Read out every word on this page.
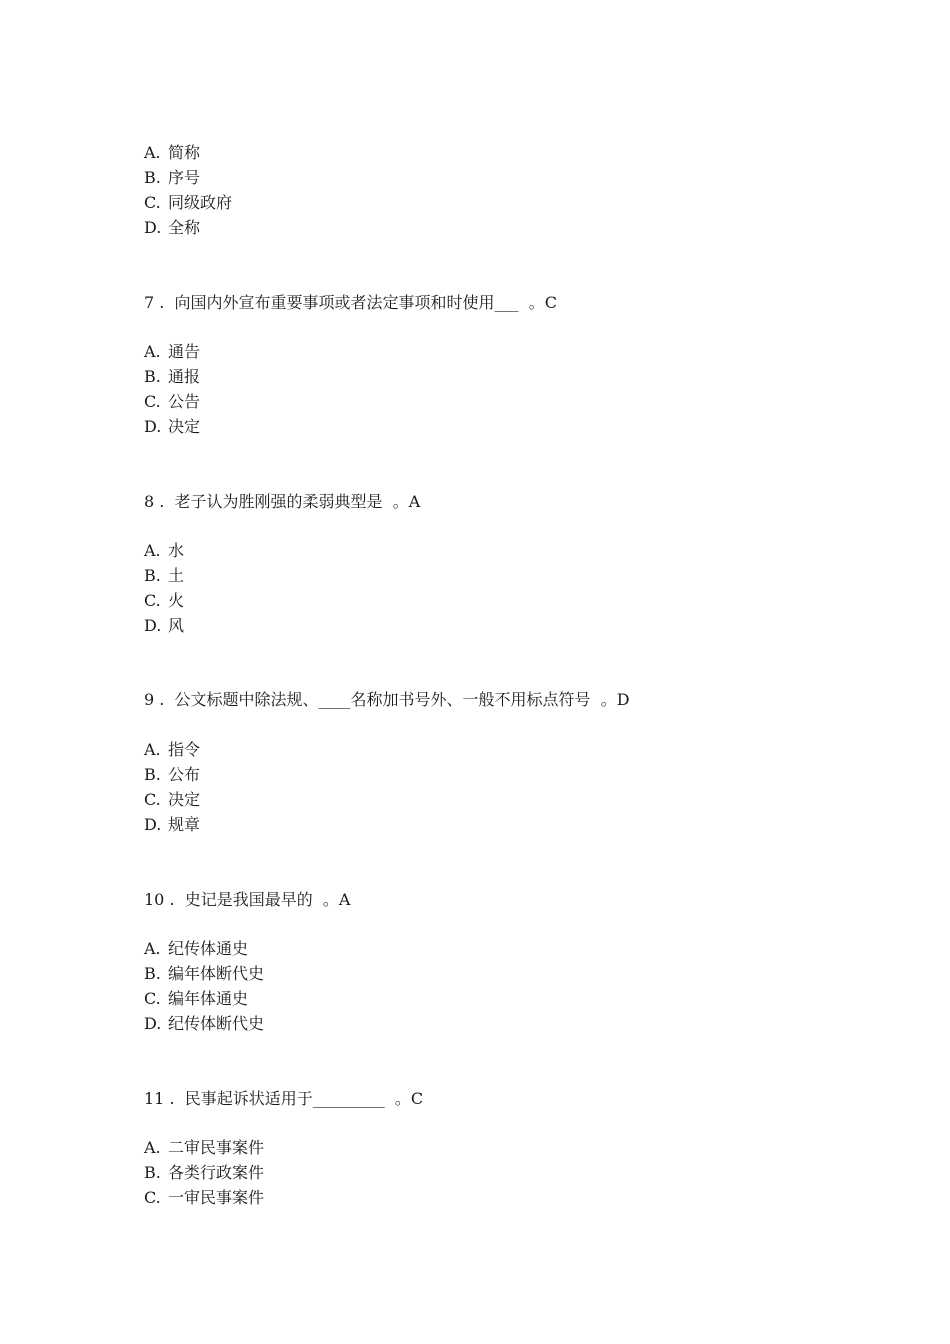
A. 简称
B. 序号
C. 同级政府
D. 全称
7 .  向国内外宣布重要事项或者法定事项和时使用___  。C
A. 通告
B. 通报
C. 公告
D. 决定
8 .  老子认为胜刚强的柔弱典型是  。A
A. 水
B. 土
C. 火
D. 风
9 .  公文标题中除法规、____名称加书号外、一般不用标点符号  。D
A. 指令
B. 公布
C. 决定
D. 规章
10 .  史记是我国最早的  。A
A. 纪传体通史
B. 编年体断代史
C. 编年体通史
D. 纪传体断代史
11 .  民事起诉状适用于_________  。C
A. 二审民事案件
B. 各类行政案件
C. 一审民事案件
